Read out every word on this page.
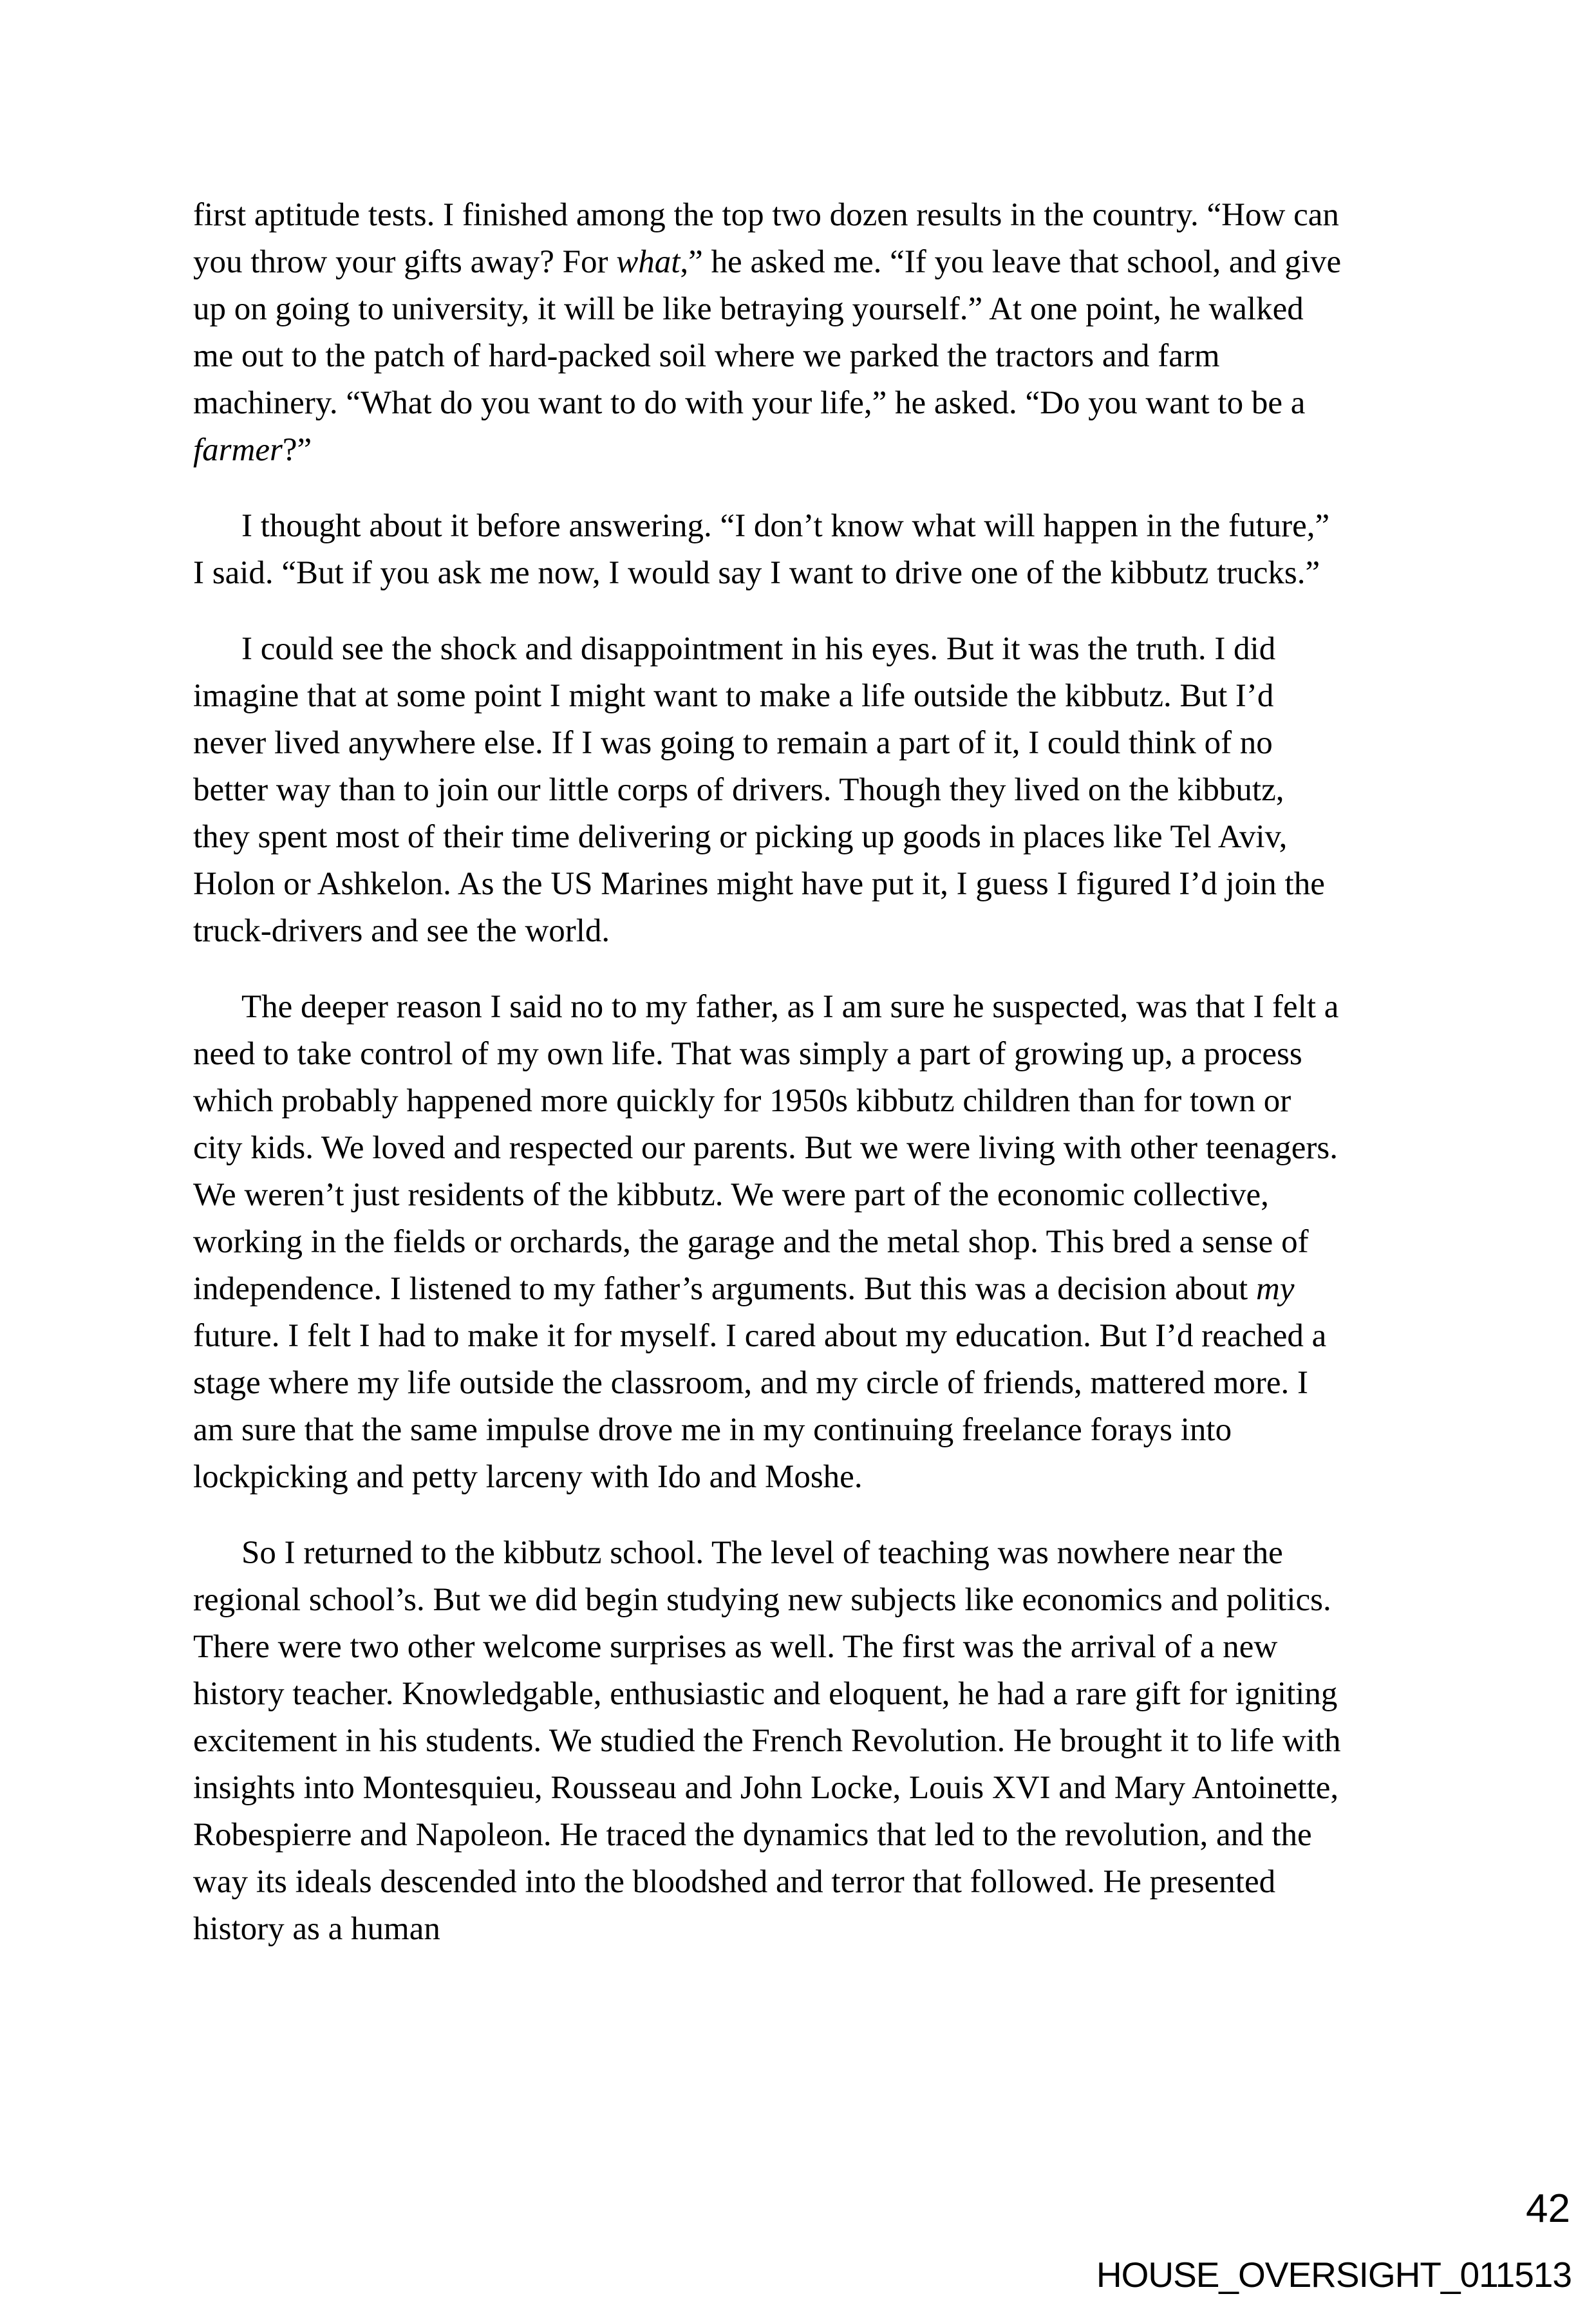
first aptitude tests. I finished among the top two dozen results in the country. “How can you throw your gifts away? For what,” he asked me. “If you leave that school, and give up on going to university, it will be like betraying yourself.” At one point, he walked me out to the patch of hard-packed soil where we parked the tractors and farm machinery. “What do you want to do with your life,” he asked. “Do you want to be a farmer?”

I thought about it before answering. “I don’t know what will happen in the future,” I said. “But if you ask me now, I would say I want to drive one of the kibbutz trucks.”

I could see the shock and disappointment in his eyes. But it was the truth. I did imagine that at some point I might want to make a life outside the kibbutz. But I’d never lived anywhere else. If I was going to remain a part of it, I could think of no better way than to join our little corps of drivers. Though they lived on the kibbutz, they spent most of their time delivering or picking up goods in places like Tel Aviv, Holon or Ashkelon. As the US Marines might have put it, I guess I figured I’d join the truck-drivers and see the world.

The deeper reason I said no to my father, as I am sure he suspected, was that I felt a need to take control of my own life. That was simply a part of growing up, a process which probably happened more quickly for 1950s kibbutz children than for town or city kids. We loved and respected our parents. But we were living with other teenagers. We weren’t just residents of the kibbutz. We were part of the economic collective, working in the fields or orchards, the garage and the metal shop. This bred a sense of independence. I listened to my father’s arguments. But this was a decision about my future. I felt I had to make it for myself. I cared about my education. But I’d reached a stage where my life outside the classroom, and my circle of friends, mattered more. I am sure that the same impulse drove me in my continuing freelance forays into lockpicking and petty larceny with Ido and Moshe.

So I returned to the kibbutz school. The level of teaching was nowhere near the regional school’s. But we did begin studying new subjects like economics and politics. There were two other welcome surprises as well. The first was the arrival of a new history teacher. Knowledgable, enthusiastic and eloquent, he had a rare gift for igniting excitement in his students. We studied the French Revolution. He brought it to life with insights into Montesquieu, Rousseau and John Locke, Louis XVI and Mary Antoinette, Robespierre and Napoleon. He traced the dynamics that led to the revolution, and the way its ideals descended into the bloodshed and terror that followed. He presented history as a human

42
HOUSE_OVERSIGHT_011513
